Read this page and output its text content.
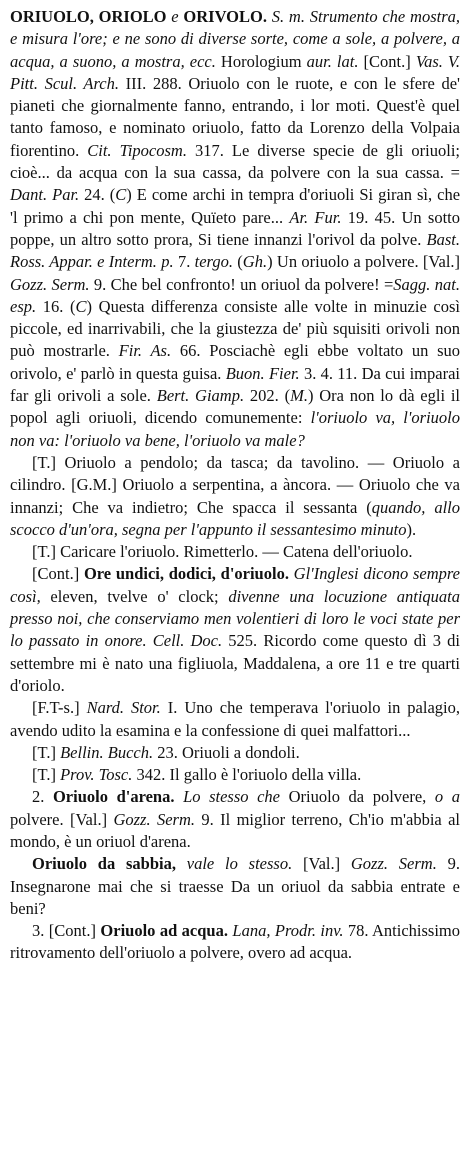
ORIUOLO, ORIOLO e ORIVOLO. S. m. Strumento che mostra, e misura l'ore; e ne sono di diverse sorte, come a sole, a polvere, a acqua, a suono, a mostra, ecc. Horologium aur. lat. [Cont.] Vas. V. Pitt. Scul. Arch. III. 288. Oriuolo con le ruote, e con le sfere de' pianeti che giornalmente fanno, entrando, i lor moti. Quest'è quel tanto famoso, e nominato oriuolo, fatto da Lorenzo della Volpaia fiorentino. Cit. Tipocosm. 317. Le diverse specie de gli oriuoli; cioè... da acqua con la sua cassa, da polvere con la sua cassa. = Dant. Par. 24. (C) E come archi in tempra d'oriuoli Si giran sì, che 'l primo a chi pon mente, Quïeto pare... Ar. Fur. 19. 45. Un sotto poppe, un altro sotto prora, Si tiene innanzi l'orivol da polve. Bast. Ross. Appar. e Interm. p. 7. tergo. (Gh.) Un oriuolo a polvere. [Val.] Gozz. Serm. 9. Che bel confronto! un oriuol da polvere! =Sagg. nat. esp. 16. (C) Questa differenza consiste alle volte in minuzie così piccole, ed inarrivabili, che la giustezza de' più squisiti orivoli non può mostrarle. Fir. As. 66. Posciachè egli ebbe voltato un suo orivolo, e' parlò in questa guisa. Buon. Fier. 3. 4. 11. Da cui imparai far gli orivoli a sole. Bert. Giamp. 202. (M.) Ora non lo dà egli il popol agli oriuoli, dicendo comunemente: l'oriuolo va, l'oriuolo non va: l'oriuolo va bene, l'oriuolo va male?

[T.] Oriuolo a pendolo; da tasca; da tavolino. — Oriuolo a cilindro. [G.M.] Oriuolo a serpentina, a àncora. — Oriuolo che va innanzi; Che va indietro; Che spacca il sessanta (quando, allo scocco d'un'ora, segna per l'appunto il sessantesimo minuto).

[T.] Caricare l'oriuolo. Rimetterlo. — Catena dell'oriuolo.

[Cont.] Ore undici, dodici, d'oriuolo. Gl'Inglesi dicono sempre così, eleven, tvelve o' clock; divenne una locuzione antiquata presso noi, che conserviamo men volentieri di loro le voci state per lo passato in onore. Cell. Doc. 525. Ricordo come questo dì 3 di settembre mi è nato una figliuola, Maddalena, a ore 11 e tre quarti d'oriolo.

[F.T-s.] Nard. Stor. I. Uno che temperava l'oriuolo in palagio, avendo udito la esamina e la confessione di quei malfattori...

[T.] Bellin. Bucch. 23. Oriuoli a dondoli.

[T.] Prov. Tosc. 342. Il gallo è l'oriuolo della villa.

2. Oriuolo d'arena. Lo stesso che Oriuolo da polvere, o a polvere. [Val.] Gozz. Serm. 9. Il miglior terreno, Ch'io m'abbia al mondo, è un oriuol d'arena.

Oriuolo da sabbia, vale lo stesso. [Val.] Gozz. Serm. 9. Insegnarone mai che si traesse Da un oriuol da sabbia entrate e beni?

3. [Cont.] Oriuolo ad acqua. Lana, Prodr. inv. 78. Antichissimo ritrovamento dell'oriuolo a polvere, overo ad acqua.
